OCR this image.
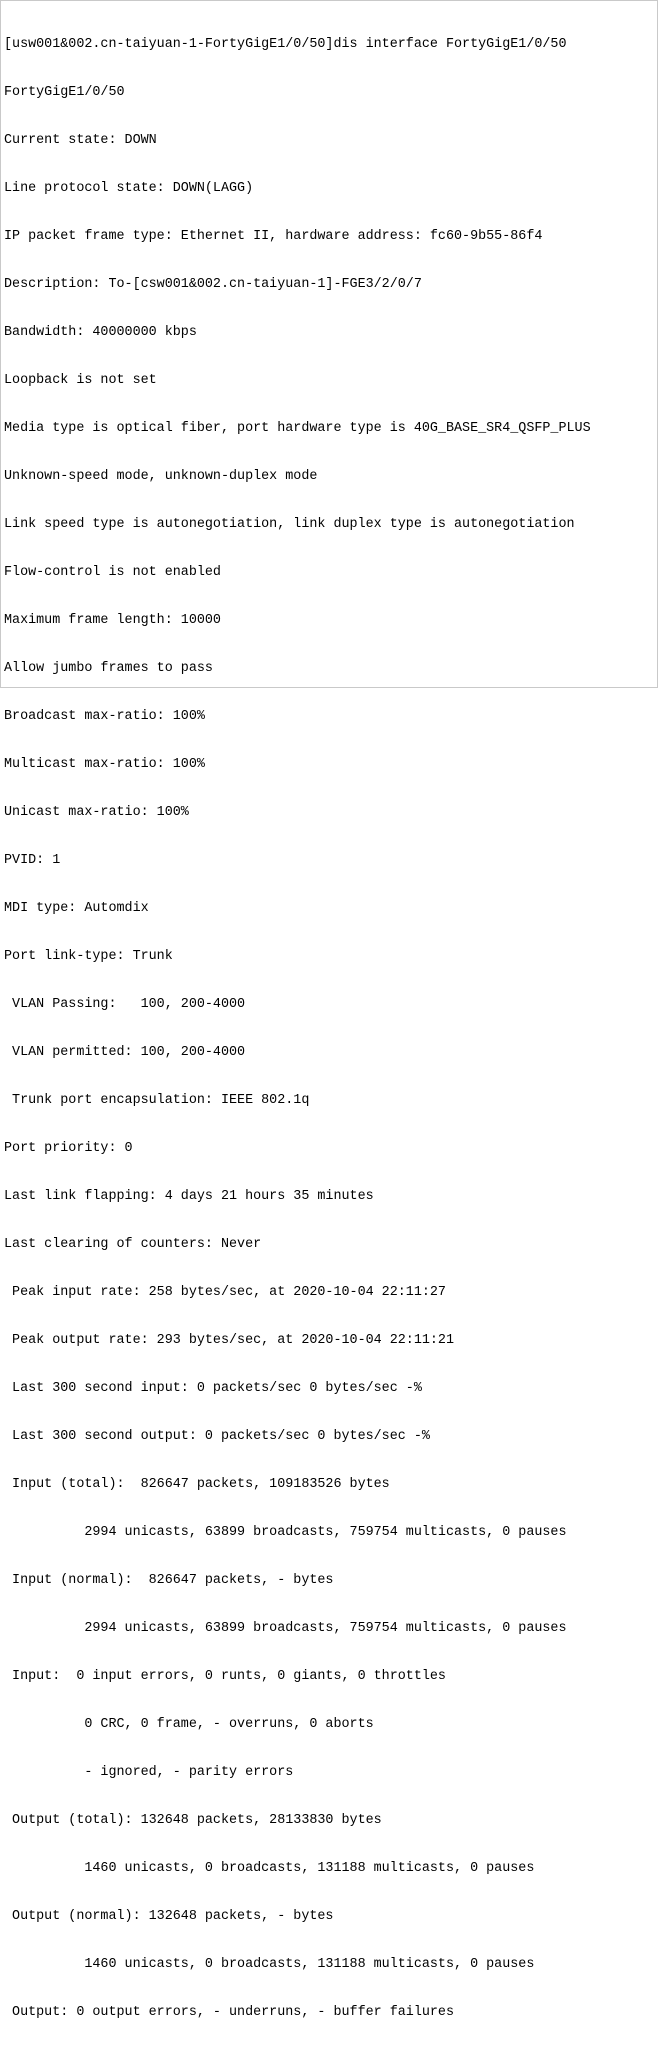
[usw001&002.cn-taiyuan-1-FortyGigE1/0/50]dis interface FortyGigE1/0/50

FortyGigE1/0/50

Current state: DOWN

Line protocol state: DOWN(LAGG)

IP packet frame type: Ethernet II, hardware address: fc60-9b55-86f4

Description: To-[csw001&002.cn-taiyuan-1]-FGE3/2/0/7

Bandwidth: 40000000 kbps

Loopback is not set

Media type is optical fiber, port hardware type is 40G_BASE_SR4_QSFP_PLUS

Unknown-speed mode, unknown-duplex mode

Link speed type is autonegotiation, link duplex type is autonegotiation

Flow-control is not enabled

Maximum frame length: 10000

Allow jumbo frames to pass

Broadcast max-ratio: 100%

Multicast max-ratio: 100%

Unicast max-ratio: 100%

PVID: 1

MDI type: Automdix

Port link-type: Trunk

VLAN Passing:   100, 200-4000

VLAN permitted: 100, 200-4000

Trunk port encapsulation: IEEE 802.1q

Port priority: 0

Last link flapping: 4 days 21 hours 35 minutes

Last clearing of counters: Never

Peak input rate: 258 bytes/sec, at 2020-10-04 22:11:27

Peak output rate: 293 bytes/sec, at 2020-10-04 22:11:21

Last 300 second input: 0 packets/sec 0 bytes/sec -%

Last 300 second output: 0 packets/sec 0 bytes/sec -%

Input (total):  826647 packets, 109183526 bytes

2994 unicasts, 63899 broadcasts, 759754 multicasts, 0 pauses

Input (normal):  826647 packets, - bytes

2994 unicasts, 63899 broadcasts, 759754 multicasts, 0 pauses

Input:  0 input errors, 0 runts, 0 giants, 0 throttles

0 CRC, 0 frame, - overruns, 0 aborts

- ignored, - parity errors

Output (total): 132648 packets, 28133830 bytes

1460 unicasts, 0 broadcasts, 131188 multicasts, 0 pauses

Output (normal): 132648 packets, - bytes

1460 unicasts, 0 broadcasts, 131188 multicasts, 0 pauses

Output: 0 output errors, - underruns, - buffer failures
